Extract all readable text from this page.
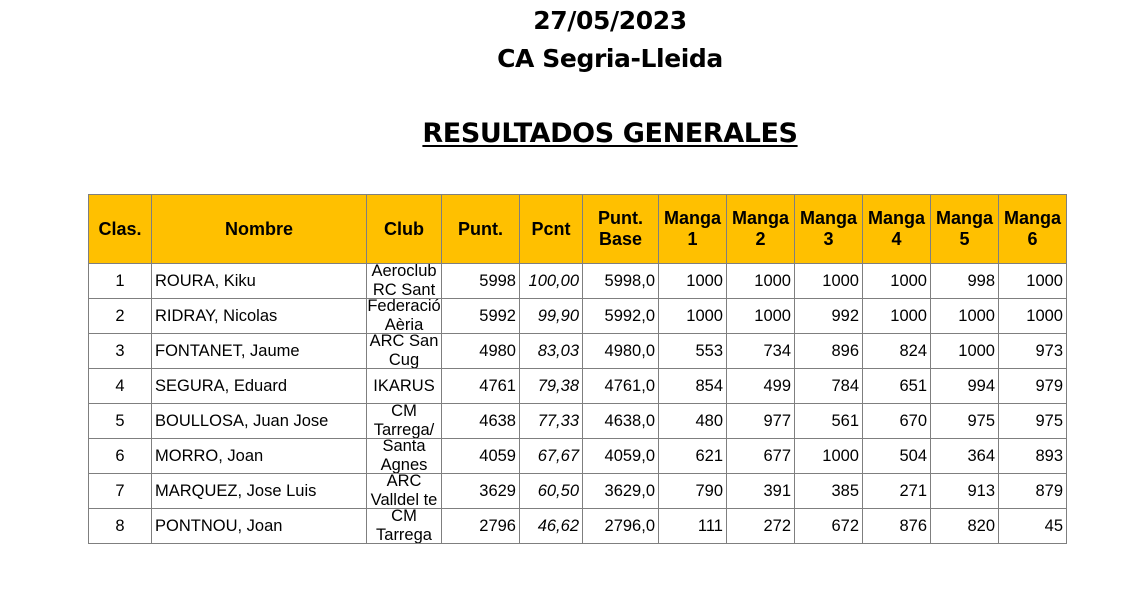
27/05/2023
CA Segria-Lleida
RESULTADOS GENERALES
Clas.	Nombre	Club	Punt.	Pcnt	Punt. Base	Manga 1	Manga 2	Manga 3	Manga 4	Manga 5	Manga 6
1	ROURA, Kiku	Aeroclub RC Sant	5998	100,00	5998,0	1000	1000	1000	1000	998	1000
2	RIDRAY, Nicolas	Federació Aèria	5992	99,90	5992,0	1000	1000	992	1000	1000	1000
3	FONTANET, Jaume	ARC San Cug	4980	83,03	4980,0	553	734	896	824	1000	973
4	SEGURA, Eduard	IKARUS	4761	79,38	4761,0	854	499	784	651	994	979
5	BOULLOSA, Juan Jose	CM Tarrega/	4638	77,33	4638,0	480	977	561	670	975	975
6	MORRO, Joan	Santa Agnes	4059	67,67	4059,0	621	677	1000	504	364	893
7	MARQUEZ, Jose Luis	ARC Valldel te	3629	60,50	3629,0	790	391	385	271	913	879
8	PONTNOU, Joan	CM Tarrega	2796	46,62	2796,0	111	272	672	876	820	45
